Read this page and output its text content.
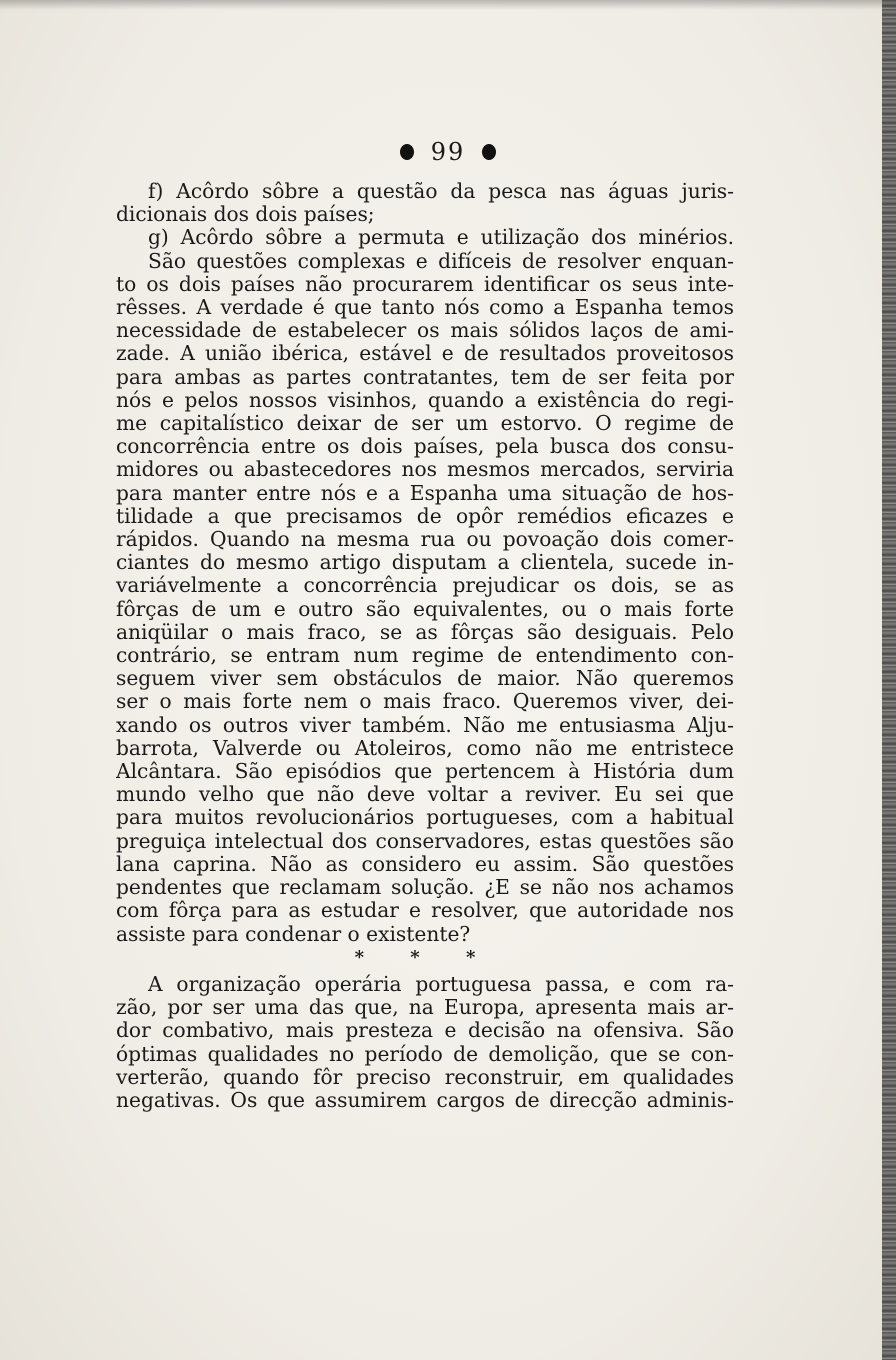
99
f) Acôrdo sôbre a questão da pesca nas águas juris-
dicionais dos dois países;
g) Acôrdo sôbre a permuta e utilização dos minérios.
São questões complexas e difíceis de resolver enquan-
to os dois países não procurarem identificar os seus inte-
rêsses. A verdade é que tanto nós como a Espanha temos
necessidade de estabelecer os mais sólidos laços de ami-
zade. A união ibérica, estável e de resultados proveitosos
para ambas as partes contratantes, tem de ser feita por
nós e pelos nossos visinhos, quando a existência do regi-
me capitalístico deixar de ser um estorvo. O regime de
concorrência entre os dois países, pela busca dos consu-
midores ou abastecedores nos mesmos mercados, serviria
para manter entre nós e a Espanha uma situação de hos-
tilidade a que precisamos de opôr remédios eficazes e
rápidos. Quando na mesma rua ou povoação dois comer-
ciantes do mesmo artigo disputam a clientela, sucede in-
variávelmente a concorrência prejudicar os dois, se as
fôrças de um e outro são equivalentes, ou o mais forte
aniqüilar o mais fraco, se as fôrças são desiguais. Pelo
contrário, se entram num regime de entendimento con-
seguem viver sem obstáculos de maior. Não queremos
ser o mais forte nem o mais fraco. Queremos viver, dei-
xando os outros viver também. Não me entusiasma Alju-
barrota, Valverde ou Atoleiros, como não me entristece
Alcântara. São episódios que pertencem à História dum
mundo velho que não deve voltar a reviver. Eu sei que
para muitos revolucionários portugueses, com a habitual
preguiça intelectual dos conservadores, estas questões são
lana caprina. Não as considero eu assim. São questões
pendentes que reclamam solução. ¿E se não nos achamos
com fôrça para as estudar e resolver, que autoridade nos
assiste para condenar o existente?
* * *
A organização operária portuguesa passa, e com ra-
zão, por ser uma das que, na Europa, apresenta mais ar-
dor combativo, mais presteza e decisão na ofensiva. São
óptimas qualidades no período de demolição, que se con-
verterão, quando fôr preciso reconstruir, em qualidades
negativas. Os que assumirem cargos de direcção adminis-
